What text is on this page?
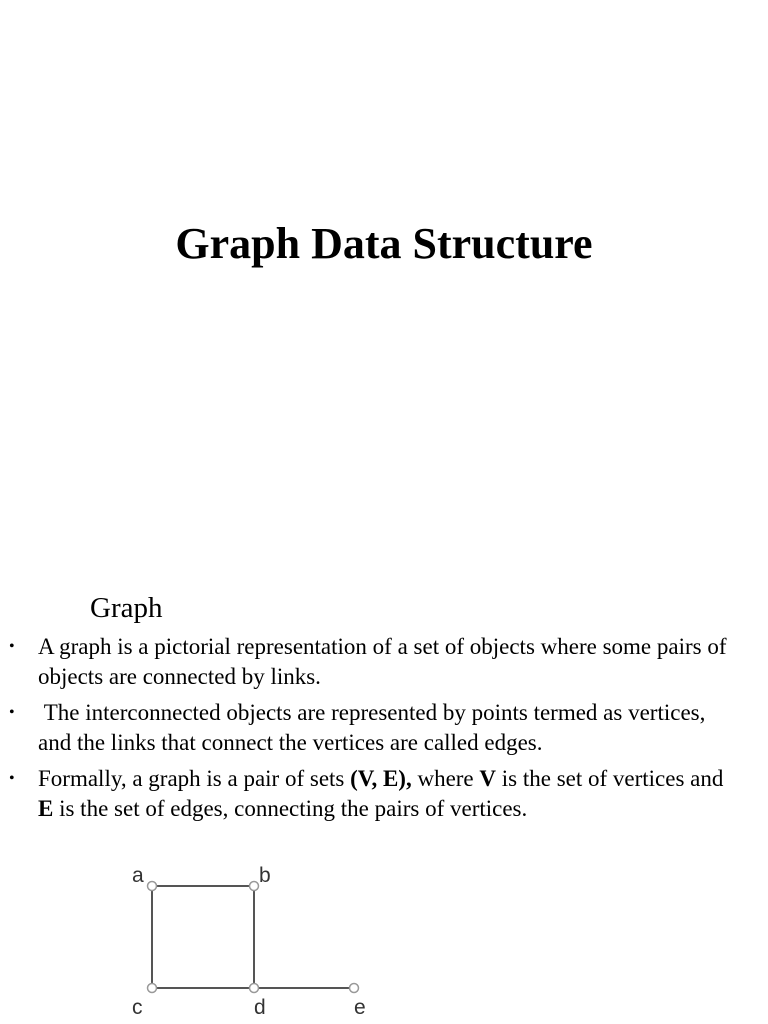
Graph Data Structure
Graph
• A graph is a pictorial representation of a set of objects where some pairs of objects are connected by links.
• The interconnected objects are represented by points termed as vertices, and the links that connect the vertices are called edges.
• Formally, a graph is a pair of sets (V, E), where V is the set of vertices and E is the set of edges, connecting the pairs of vertices.
a	b
c	d	e
